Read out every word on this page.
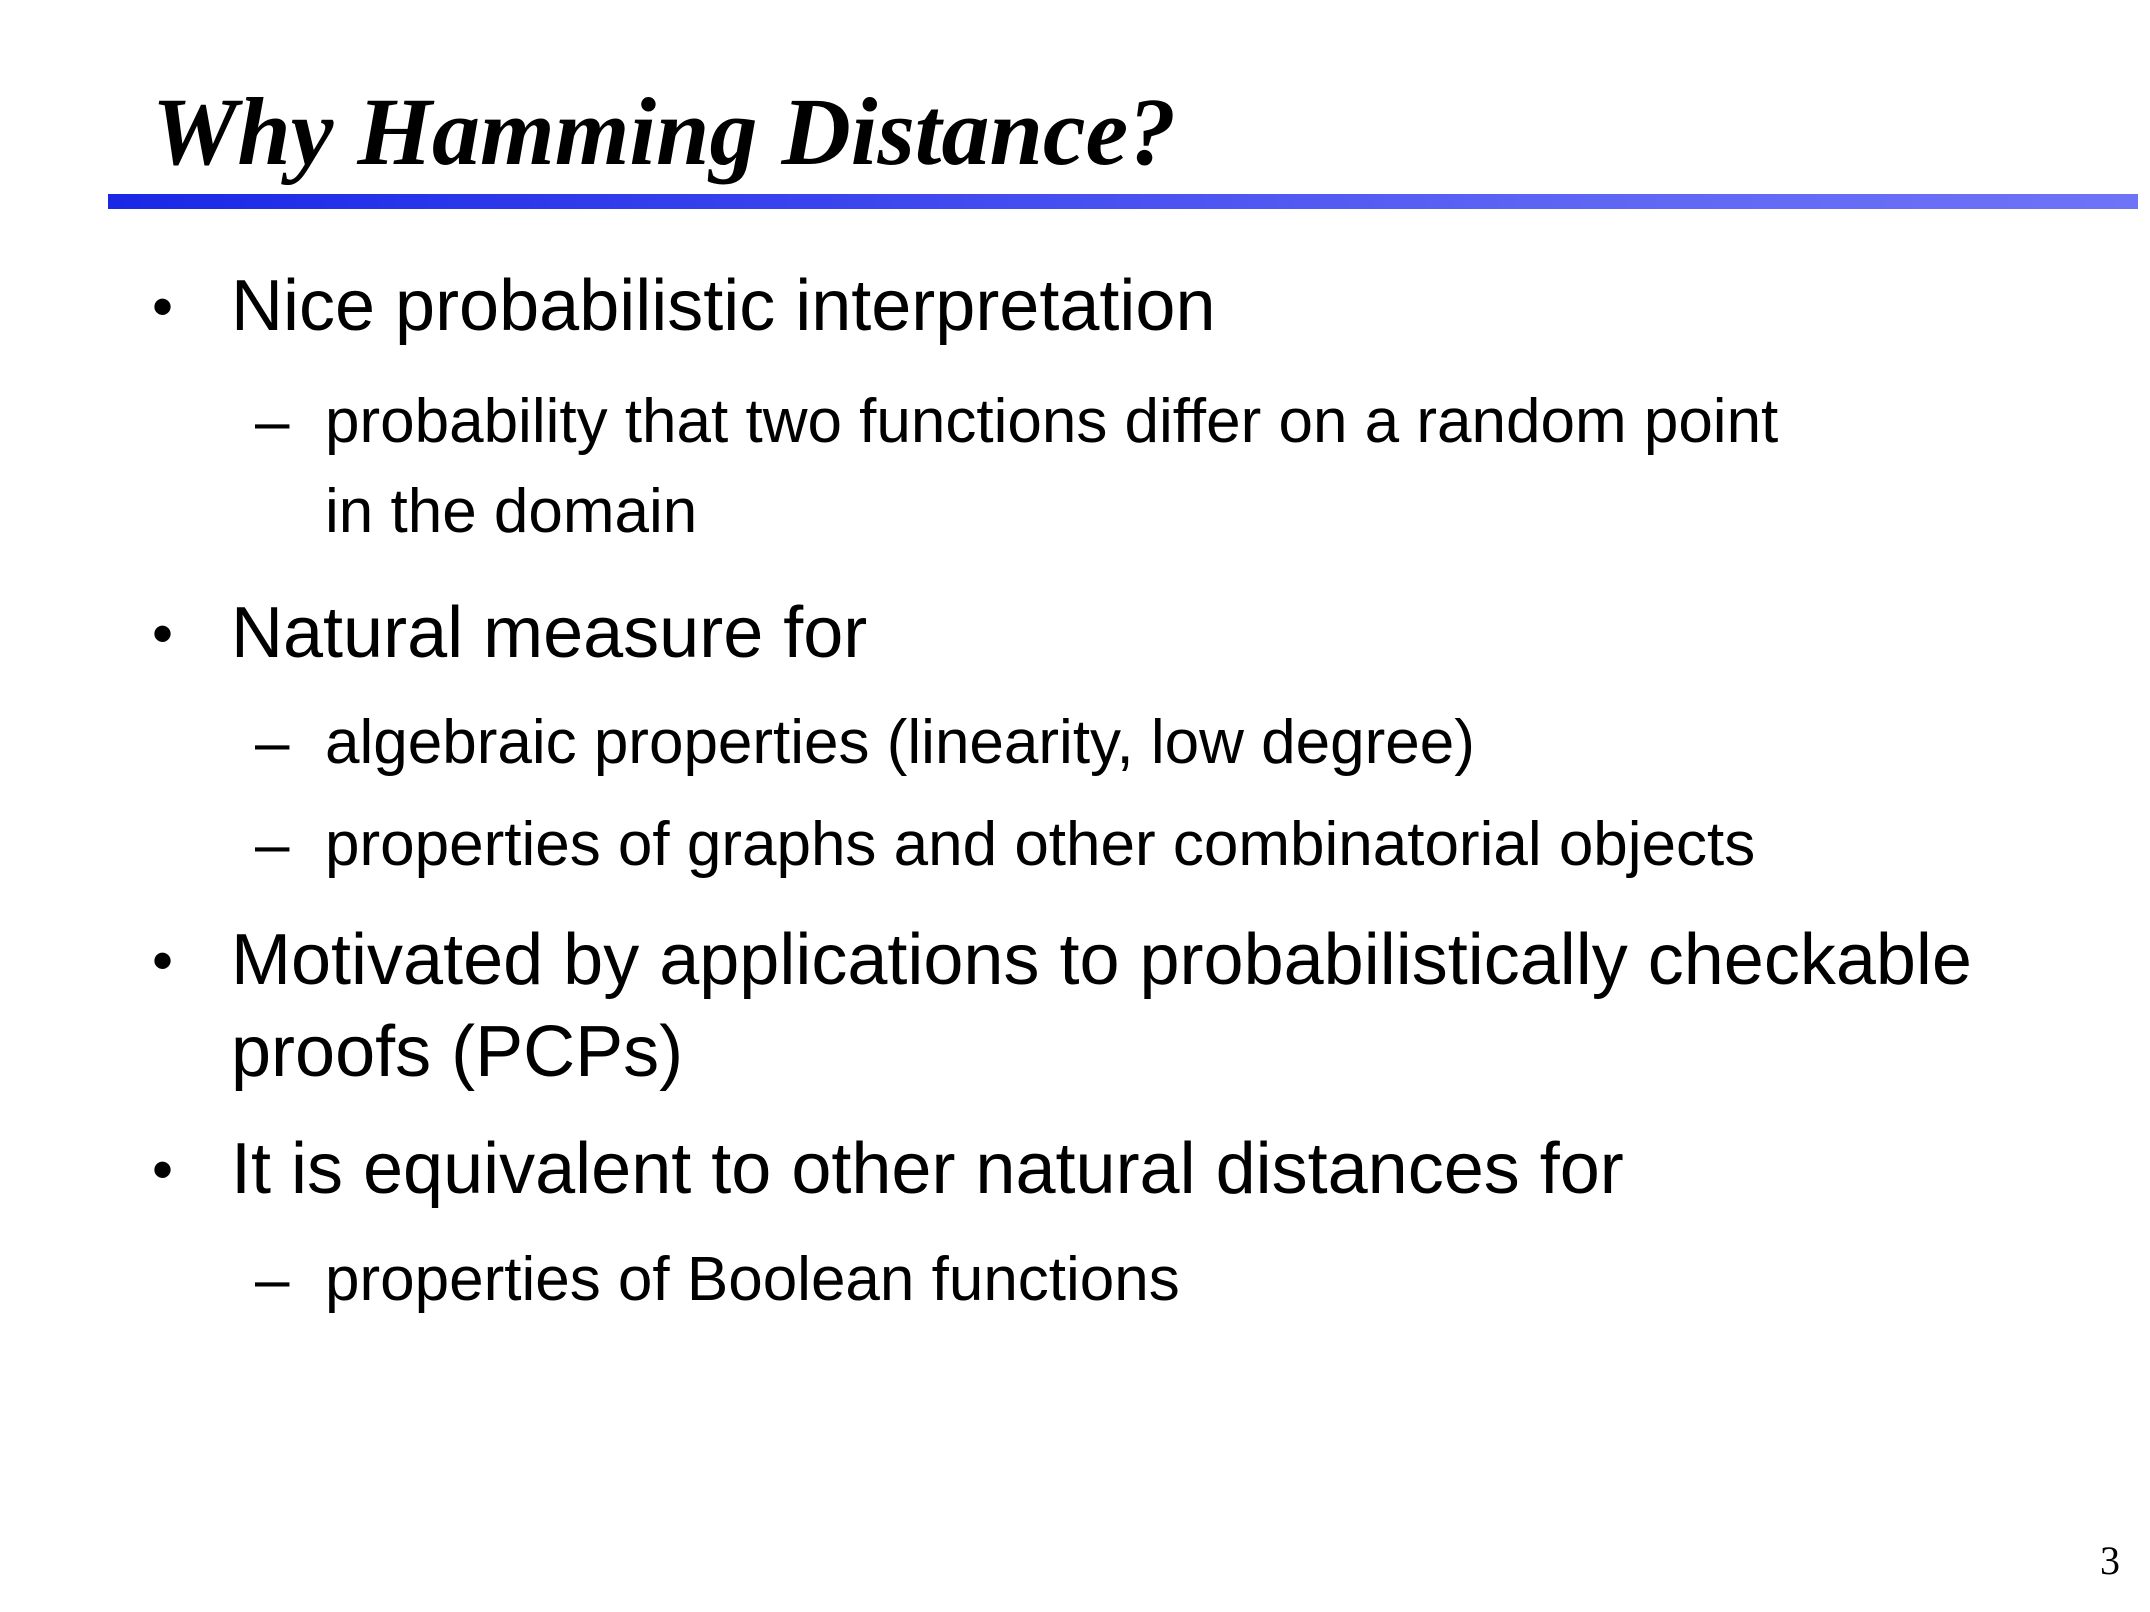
Why Hamming Distance?
• Nice probabilistic interpretation
– probability that two functions differ on a random point
in the domain
• Natural measure for
– algebraic properties (linearity, low degree)
– properties of graphs and other combinatorial objects
• Motivated by applications to probabilistically checkable
proofs (PCPs)
• It is equivalent to other natural distances for
– properties of Boolean functions
3
